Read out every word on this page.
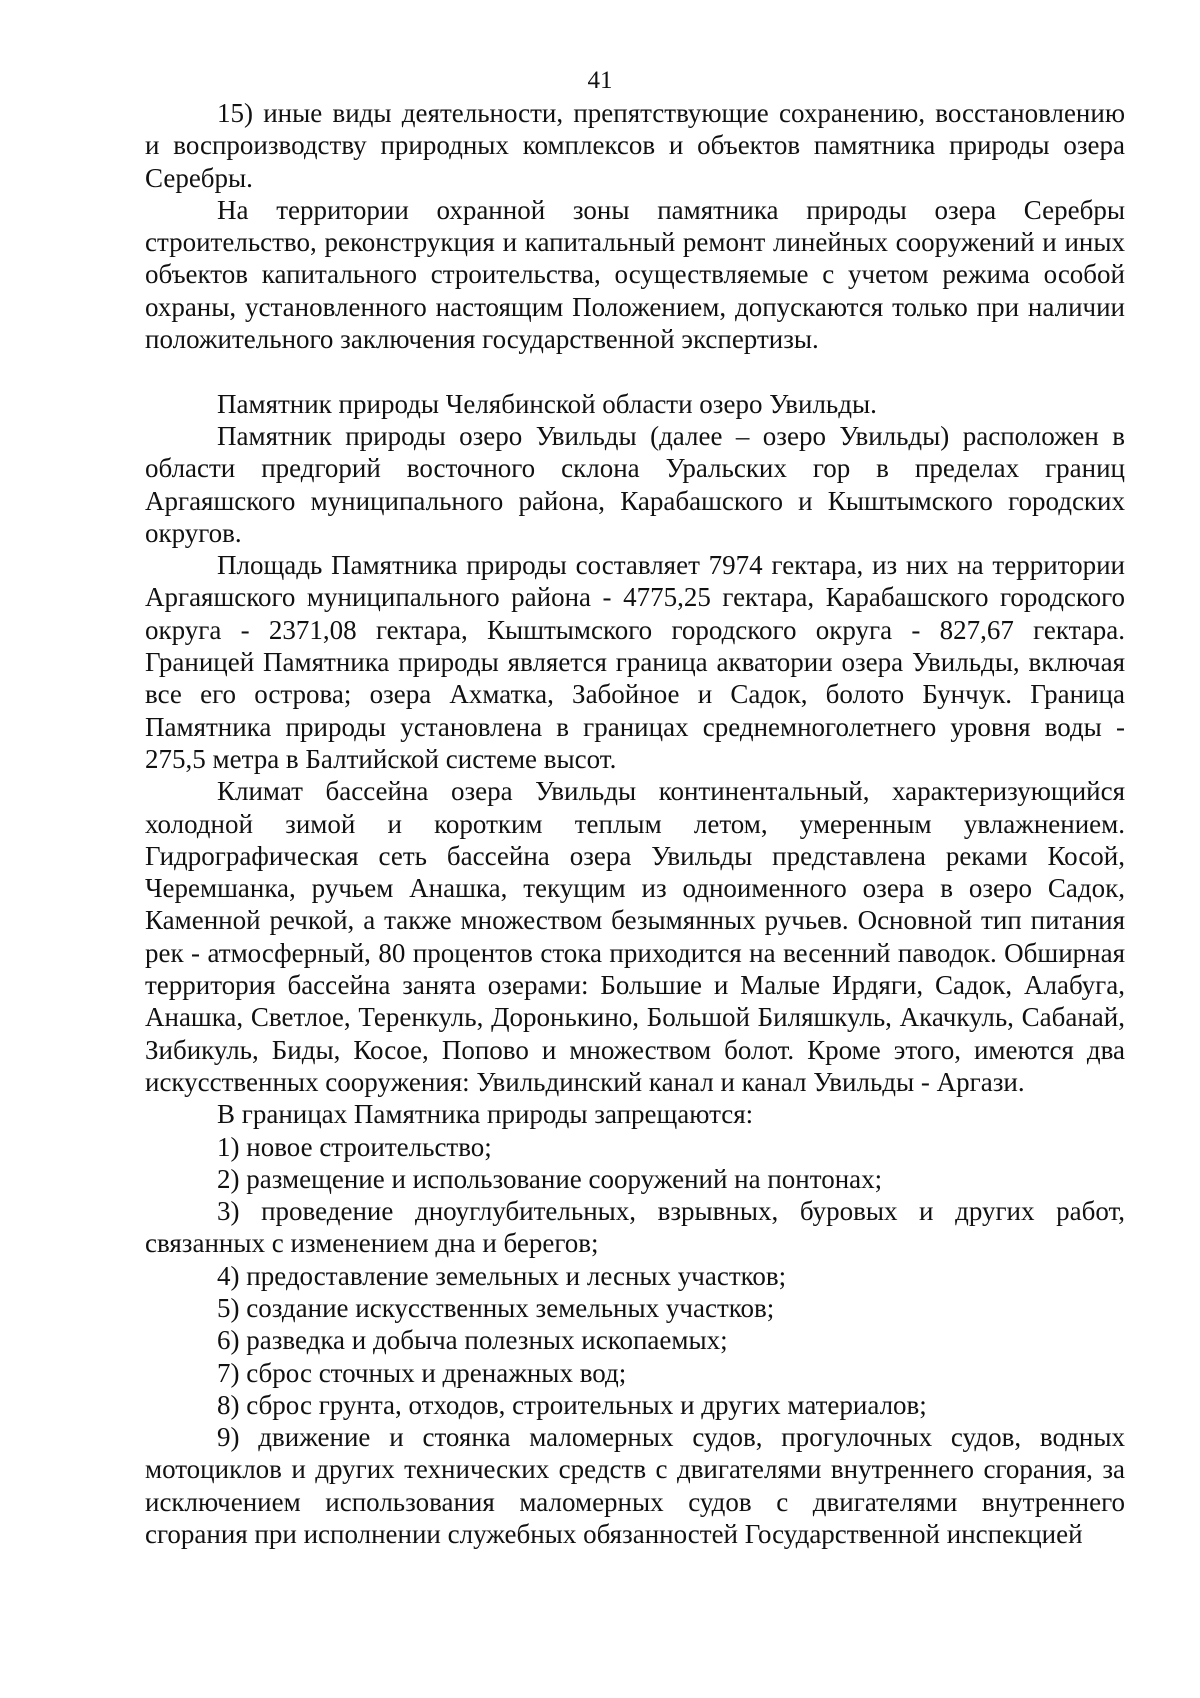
41

15) иные виды деятельности, препятствующие сохранению, восстановлению и воспроизводству природных комплексов и объектов памятника природы озера Серебры.

На территории охранной зоны памятника природы озера Серебры строительство, реконструкция и капитальный ремонт линейных сооружений и иных объектов капитального строительства, осуществляемые с учетом режима особой охраны, установленного настоящим Положением, допускаются только при наличии положительного заключения государственной экспертизы.

Памятник природы Челябинской области озеро Увильды.

Памятник природы озеро Увильды (далее – озеро Увильды) расположен в области предгорий восточного склона Уральских гор в пределах границ Аргаяшского муниципального района, Карабашского и Кыштымского городских округов.

Площадь Памятника природы составляет 7974 гектара, из них на территории Аргаяшского муниципального района - 4775,25 гектара, Карабашского городского округа - 2371,08 гектара, Кыштымского городского округа - 827,67 гектара. Границей Памятника природы является граница акватории озера Увильды, включая все его острова; озера Ахматка, Забойное и Садок, болото Бунчук. Граница Памятника природы установлена в границах среднемноголетнего уровня воды - 275,5 метра в Балтийской системе высот.

Климат бассейна озера Увильды континентальный, характеризующийся холодной зимой и коротким теплым летом, умеренным увлажнением. Гидрографическая сеть бассейна озера Увильды представлена реками Косой, Черемшанка, ручьем Анашка, текущим из одноименного озера в озеро Садок, Каменной речкой, а также множеством безымянных ручьев. Основной тип питания рек - атмосферный, 80 процентов стока приходится на весенний паводок. Обширная территория бассейна занята озерами: Большие и Малые Ирдяги, Садок, Алабуга, Анашка, Светлое, Теренкуль, Доронькино, Большой Биляшкуль, Акачкуль, Сабанай, Зибикуль, Биды, Косое, Попово и множеством болот. Кроме этого, имеются два искусственных сооружения: Увильдинский канал и канал Увильды - Аргази.

В границах Памятника природы запрещаются:

1) новое строительство;

2) размещение и использование сооружений на понтонах;

3) проведение дноуглубительных, взрывных, буровых и других работ, связанных с изменением дна и берегов;

4) предоставление земельных и лесных участков;

5) создание искусственных земельных участков;

6) разведка и добыча полезных ископаемых;

7) сброс сточных и дренажных вод;

8) сброс грунта, отходов, строительных и других материалов;

9) движение и стоянка маломерных судов, прогулочных судов, водных мотоциклов и других технических средств с двигателями внутреннего сгорания, за исключением использования маломерных судов с двигателями внутреннего сгорания при исполнении служебных обязанностей Государственной инспекцией
